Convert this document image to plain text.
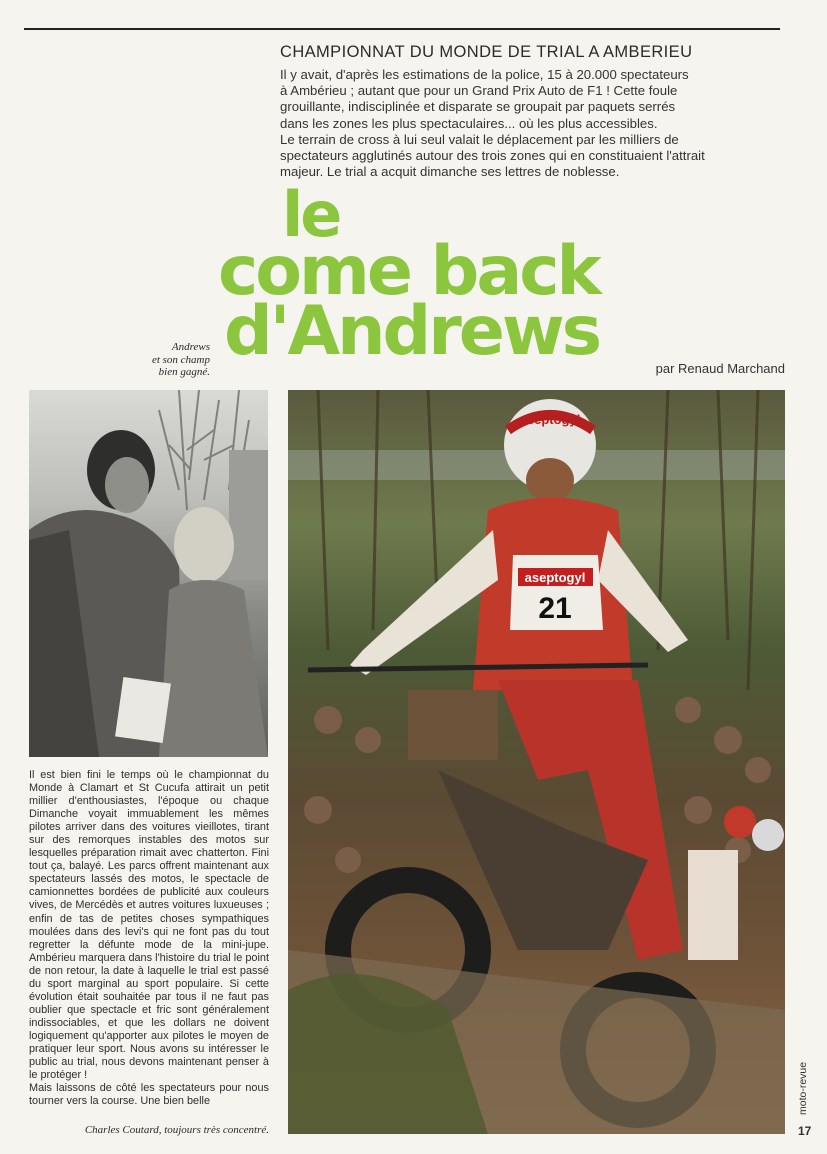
CHAMPIONNAT DU MONDE DE TRIAL A AMBERIEU

Il y avait, d'après les estimations de la police, 15 à 20.000 spectateurs

à Ambérieu ; autant que pour un Grand Prix Auto de F1 ! Cette foule

grouillante, indisciplinée et disparate se groupait par paquets serrés

dans les zones les plus spectaculaires... où les plus accessibles.

Le terrain de cross à lui seul valait le déplacement par les milliers de

spectateurs agglutinés autour des trois zones qui en constituaient l'attrait

majeur. Le trial a acquit dimanche ses lettres de noblesse.

le
come back
d'Andrews
Andrews
et son champ
bien gagné.	par Renaud Marchand
aseptogyl
aseptogyl
21

Il est bien fini le temps où le championnat du Monde à Clamart et St Cucufa attirait un petit millier d'enthousiastes, l'époque ou chaque Dimanche voyait immuablement les mêmes pilotes arriver dans des voitures vieillotes, tirant sur des remorques instables des motos sur lesquelles préparation rimait avec chatterton. Fini tout ça, balayé. Les parcs offrent maintenant aux spectateurs lassés des motos, le spectacle de camionnettes bordées de publicité aux couleurs vives, de Mercédès et autres voitures luxueuses ; enfin de tas de petites choses sympathiques moulées dans des levi's qui ne font pas du tout regretter la défunte mode de la mini-jupe. Ambérieu marquera dans l'histoire du trial le point de non retour, la date à laquelle le trial est passé du sport marginal au sport populaire. Si cette évolution était souhaitée par tous il ne faut pas oublier que spectacle et fric sont généralement indissociables, et que les dollars ne doivent logiquement qu'apporter aux pilotes le moyen de pratiquer leur sport. Nous avons su intéresser le public au trial, nous devons maintenant penser à le protéger !

Mais laissons de côté les spectateurs pour nous tourner vers la course. Une bien belle

Charles Coutard, toujours très concentré.
moto-revue
17
